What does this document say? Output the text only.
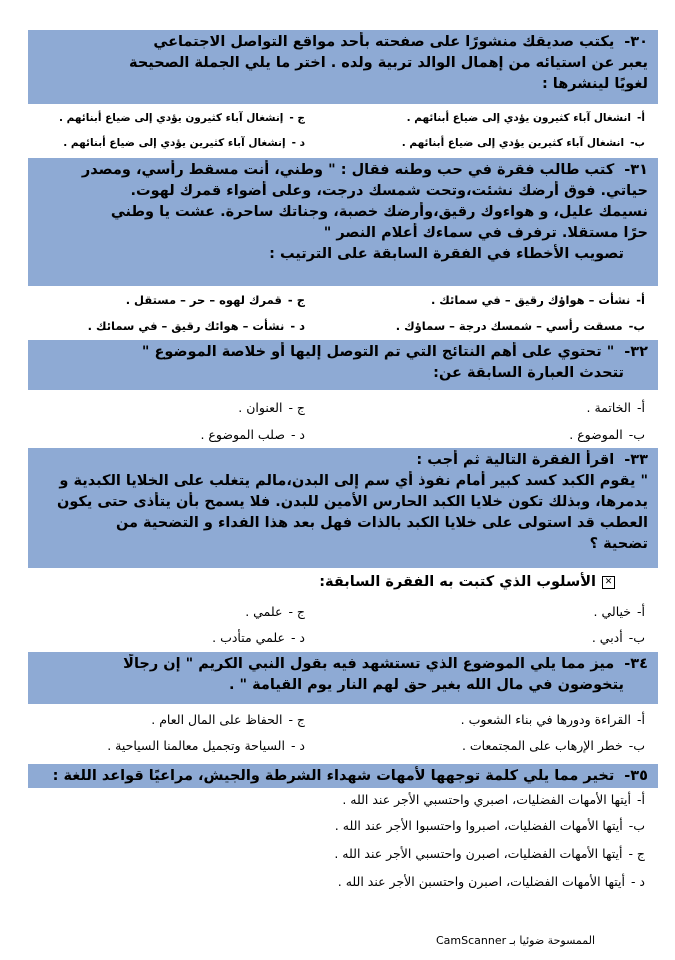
٣٠-يكتب صديقك منشورًا على صفحته بأحد مواقع التواصل الاجتماعي
يعبر عن استيائه من إهمال الوالد تربية ولده . اختر ما يلي الجملة الصحيحة
لغويًا لينشرها :
أ-انشغال آباء كثيرون يؤدي إلى ضياع أبنائهم .
ج -إنشغال آباء كثيرون يؤدي إلى ضياع أبنائهم .
ب-انشغال آباء كثيرين يؤدي إلى ضياع أبنائهم .
د -إنشغال آباء كثيرين يؤدي إلى ضياع أبنائهم .
٣١-كتب طالب فقرة في حب وطنه فقال : " وطني، أنت مسقط رأسي، ومصدر
حياتي. فوق أرضك نشئت،وتحت شمسك درجت، وعلى أضواء قمرك لهوت.
نسيمك عليل، و هواءوك رقيق،وأرضك خصبة، وجناتك ساحرة. عشت يا وطني
حرًا مستقلا. ترفرف في سماءك أعلام النصر "
تصويب الأخطاء في الفقرة السابقة على الترتيب :
أ-نشأت – هواؤك رقيق – في سمائك .
ج -قمرك لهوه – حر – مستقل .
ب-مسقت رأسي – شمسك درجة – سماؤك .
د -نشأت – هوائك رقيق – في سمائك .
٣٢-" تحتوي على أهم النتائج التي تم التوصل إليها أو خلاصة الموضوع "
تتحدث العبارة السابقة عن:
أ-الخاتمة .
ج -العنوان .
ب-الموضوع .
د -صلب الموضوع .
٣٣-اقرأ الفقرة التالية ثم أجب :
" يقوم الكبد كسد كبير أمام نفوذ أي سم إلى البدن،مالم يتغلب على الخلايا الكبدية و
يدمرها، وبذلك تكون خلايا الكبد الحارس الأمين للبدن. فلا يسمح بأن يتأذى حتى يكون
العطب قد استولى على خلايا الكبد بالذات فهل بعد هذا الفداء و التضحية من
تضحية ؟
✕الأسلوب الذي كتبت به الفقرة السابقة:
أ-خيالي .
ج -علمي .
ب-أدبي .
د -علمي متأدب .
٣٤-ميز مما يلي الموضوع الذي تستشهد فيه بقول النبي الكريم " إن رجالًا
يتخوضون في مال الله بغير حق لهم النار يوم القيامة " .
أ-القراءة ودورها في بناء الشعوب .
ج -الحفاظ على المال العام .
ب-خطر الإرهاب على المجتمعات .
د -السياحة وتجميل معالمنا السياحية .
٣٥-تخير مما يلي كلمة توجهها لأمهات شهداء الشرطة والجيش، مراعيًا قواعد اللغة :
أ-أيتها الأمهات الفضليات، اصبري واحتسبي الأجر عند الله .
ب-أيتها الأمهات الفضليات، اصبروا واحتسبوا الأجر عند الله .
ج -أيتها الأمهات الفضليات، اصبرن واحتسبي الأجر عند الله .
د -أيتها الأمهات الفضليات، اصبرن واحتسبن الأجر عند الله .
الممسوحة ضوئيا بـ CamScanner
